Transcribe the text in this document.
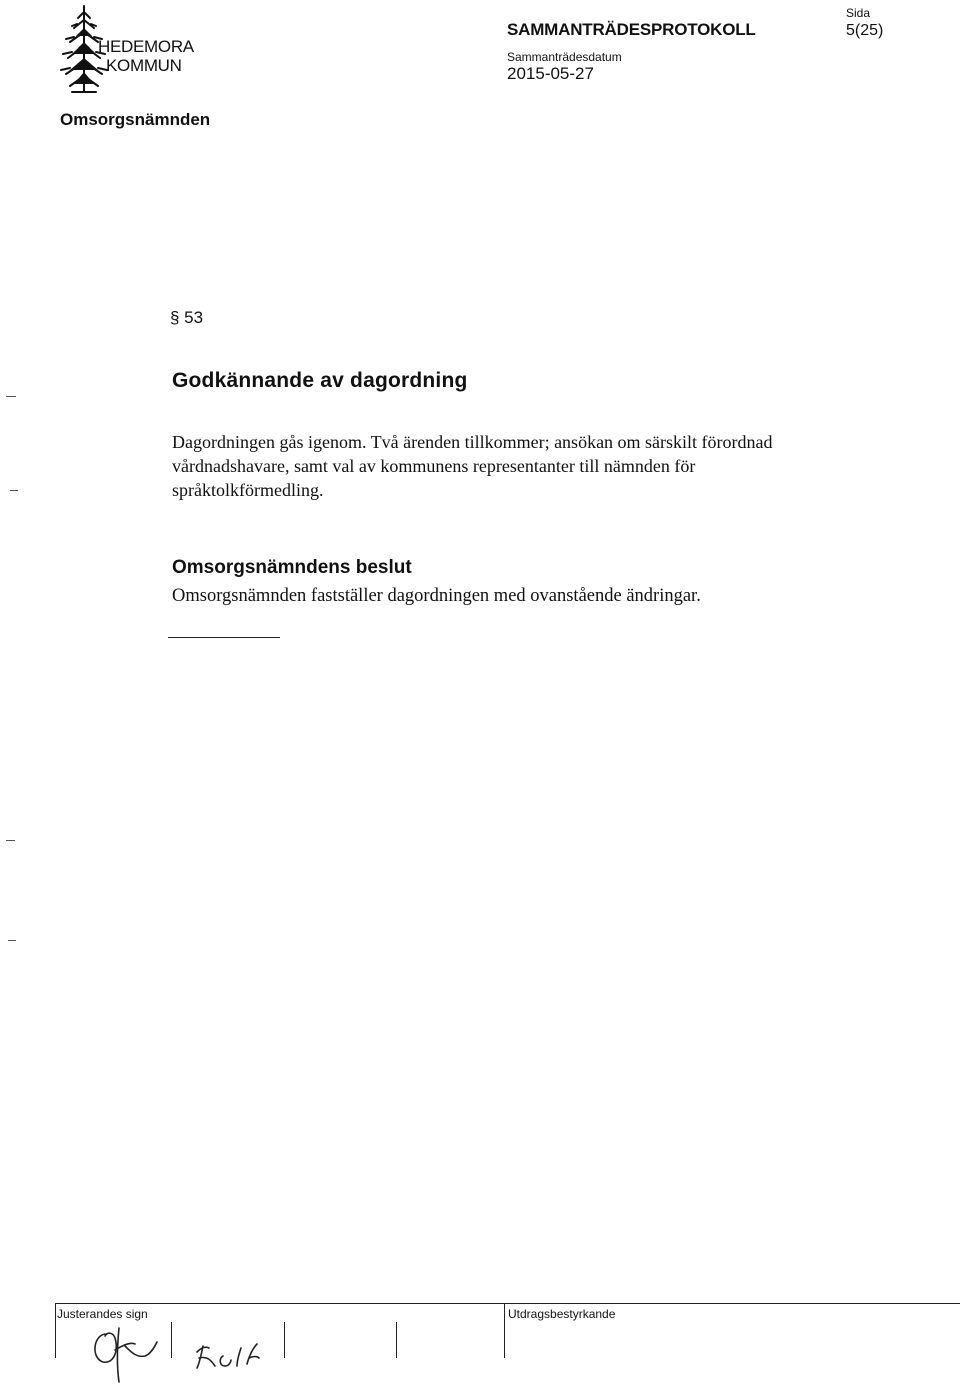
HEDEMORA
KOMMUN
SAMMANTRÄDESPROTOKOLL
Sammanträdesdatum
2015-05-27
Sida
5(25)
Omsorgsnämnden
§ 53
Godkännande av dagordning
Dagordningen gås igenom. Två ärenden tillkommer; ansökan om särskilt förordnad vårdnadshavare, samt val av kommunens representanter till nämnden för språktolkförmedling.
Omsorgsnämndens beslut
Omsorgsnämnden fastställer dagordningen med ovanstående ändringar.
Justerandes sign	Utdragsbestyrkande
